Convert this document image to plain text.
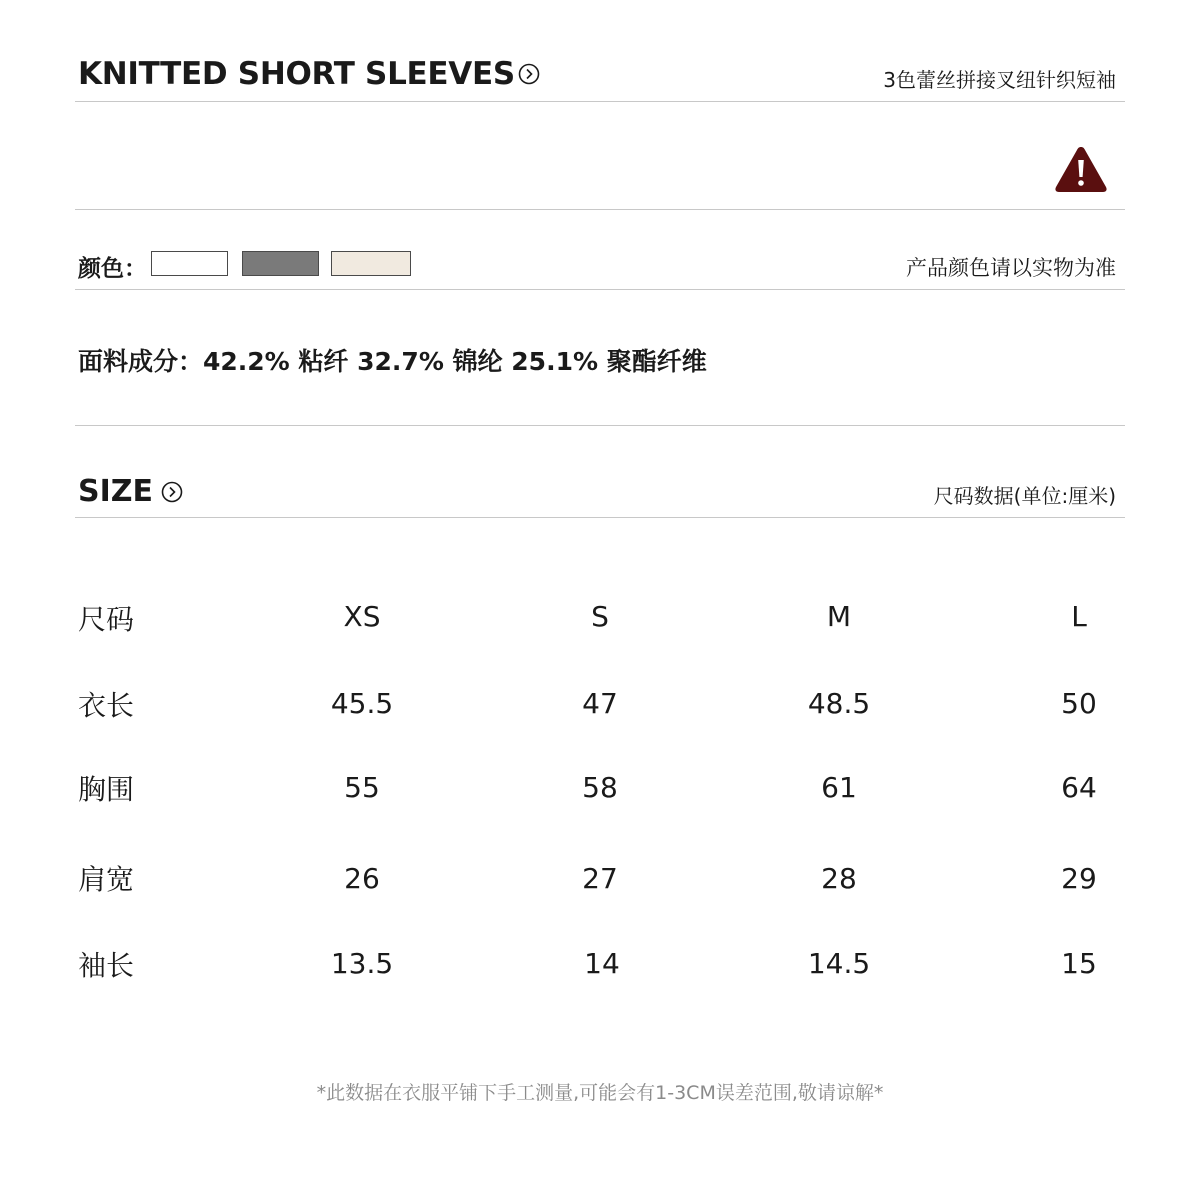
KNITTED SHORT SLEEVES	3色蕾丝拼接叉纽针织短袖
颜色：	产品颜色请以实物为准
面料成分：42.2% 粘纤 32.7% 锦纶 25.1% 聚酯纤维
SIZE	尺码数据(单位:厘米)
尺码	XS	S	M	L
衣长	45.5	47	48.5	50
胸围	55	58	61	64
肩宽	26	27	28	29
袖长	13.5	14	14.5	15
*此数据在衣服平铺下手工测量,可能会有1-3CM误差范围,敬请谅解*
